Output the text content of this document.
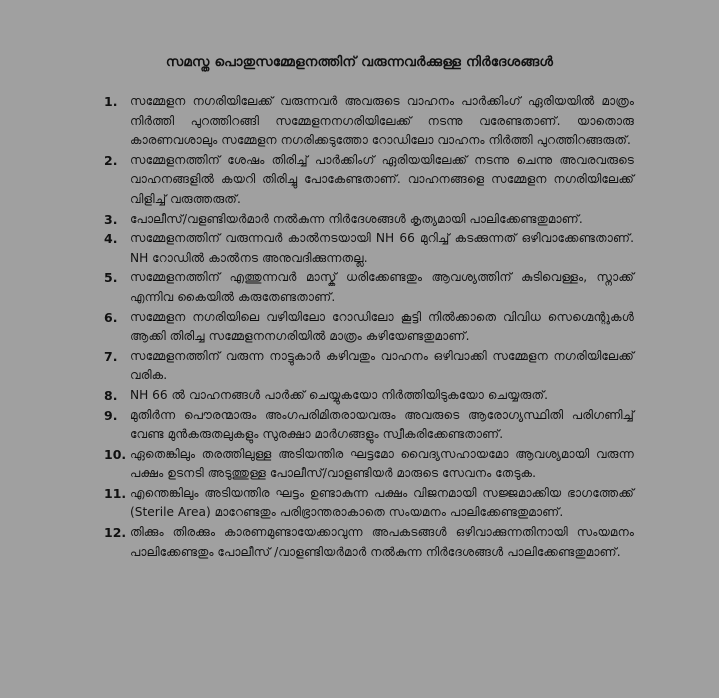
സമസ്ത പൊതുസമ്മേളനത്തിന് വരുന്നവർക്കുള്ള നിർദേശങ്ങൾ
1.	സമ്മേളന നഗരിയിലേക്ക് വരുന്നവർ അവരുടെ വാഹനം പാർക്കിംഗ് ഏരിയയിൽ മാത്രം നിർത്തി പുറത്തിറങ്ങി സമ്മേളനനഗരിയിലേക്ക് നടന്നു വരേണ്ടതാണ്. യാതൊരു കാരണവശാലും സമ്മേളന നഗരിക്കടുത്തോ റോഡിലോ വാഹനം നിർത്തി പുറത്തിറങ്ങരുത്.
2.	സമ്മേളനത്തിന് ശേഷം തിരിച്ച് പാർക്കിംഗ് ഏരിയയിലേക്ക് നടന്നു ചെന്നു അവരവരുടെ വാഹനങ്ങളിൽ കയറി തിരിച്ചു പോകേണ്ടതാണ്. വാഹനങ്ങളെ സമ്മേളന നഗരിയിലേക്ക് വിളിച്ച് വരുത്തരുത്.
3.	പോലീസ്/വളണ്ടിയർമാർ നൽകുന്ന നിർദേശങ്ങൾ കൃത്യമായി പാലിക്കേണ്ടതുമാണ്.
4.	സമ്മേളനത്തിന് വരുന്നവർ കാൽനടയായി NH 66 മുറിച്ച് കടക്കുന്നത് ഒഴിവാക്കേണ്ടതാണ്. NH റോഡിൽ കാൽനട അനുവദിക്കുന്നതല്ല.
5.	സമ്മേളനത്തിന് എത്തുന്നവർ മാസ്ക് ധരിക്കേണ്ടതും ആവശ്യത്തിന് കുടിവെള്ളം, സ്നാക്ക് എന്നിവ കൈയിൽ കരുതേണ്ടതാണ്.
6.	സമ്മേളന നഗരിയിലെ വഴിയിലോ റോഡിലോ കൂട്ടി നിൽക്കാതെ വിവിധ സെഗ്മെന്റുകൾ ആക്കി തിരിച്ച സമ്മേളനനഗരിയിൽ മാത്രം കഴിയേണ്ടതുമാണ്.
7.	സമ്മേളനത്തിന് വരുന്ന നാട്ടുകാർ കഴിവതും വാഹനം ഒഴിവാക്കി സമ്മേളന നഗരിയിലേക്ക് വരിക.
8.	NH 66 ൽ വാഹനങ്ങൾ പാർക്ക് ചെയ്യുകയോ നിർത്തിയിടുകയോ ചെയ്യരുത്.
9.	മുതിർന്ന പൌരന്മാരും അംഗപരിമിതരായവരും അവരുടെ ആരോഗ്യസ്ഥിതി പരിഗണിച്ച് വേണ്ട മുൻകരുതലുകളും സുരക്ഷാ മാർഗങ്ങളും സ്വീകരിക്കേണ്ടതാണ്.
10. ഏതെങ്കിലും തരത്തിലുള്ള അടിയന്തിര ഘട്ടമോ വൈദ്യസഹായമോ ആവശ്യമായി വരുന്ന പക്ഷം ഉടനടി അടുത്തുള്ള പോലീസ്/വാളണ്ടിയർ മാരുടെ സേവനം തേടുക.
11. എന്തെങ്കിലും അടിയന്തിര ഘട്ടം ഉണ്ടാകുന്ന പക്ഷം വിജനമായി സജ്ജമാക്കിയ ഭാഗത്തേക്ക് (Sterile Area) മാറേണ്ടതും പരിഭ്രാന്തരാകാതെ സംയമനം പാലിക്കേണ്ടതുമാണ്.
12. തിക്കും തിരക്കും കാരണമുണ്ടായേക്കാവുന്ന അപകടങ്ങൾ ഒഴിവാക്കുന്നതിനായി സംയമനം പാലിക്കേണ്ടതും പോലീസ് /വാളണ്ടിയർമാർ നൽകുന്ന നിർദേശങ്ങൾ പാലിക്കേണ്ടതുമാണ്.
